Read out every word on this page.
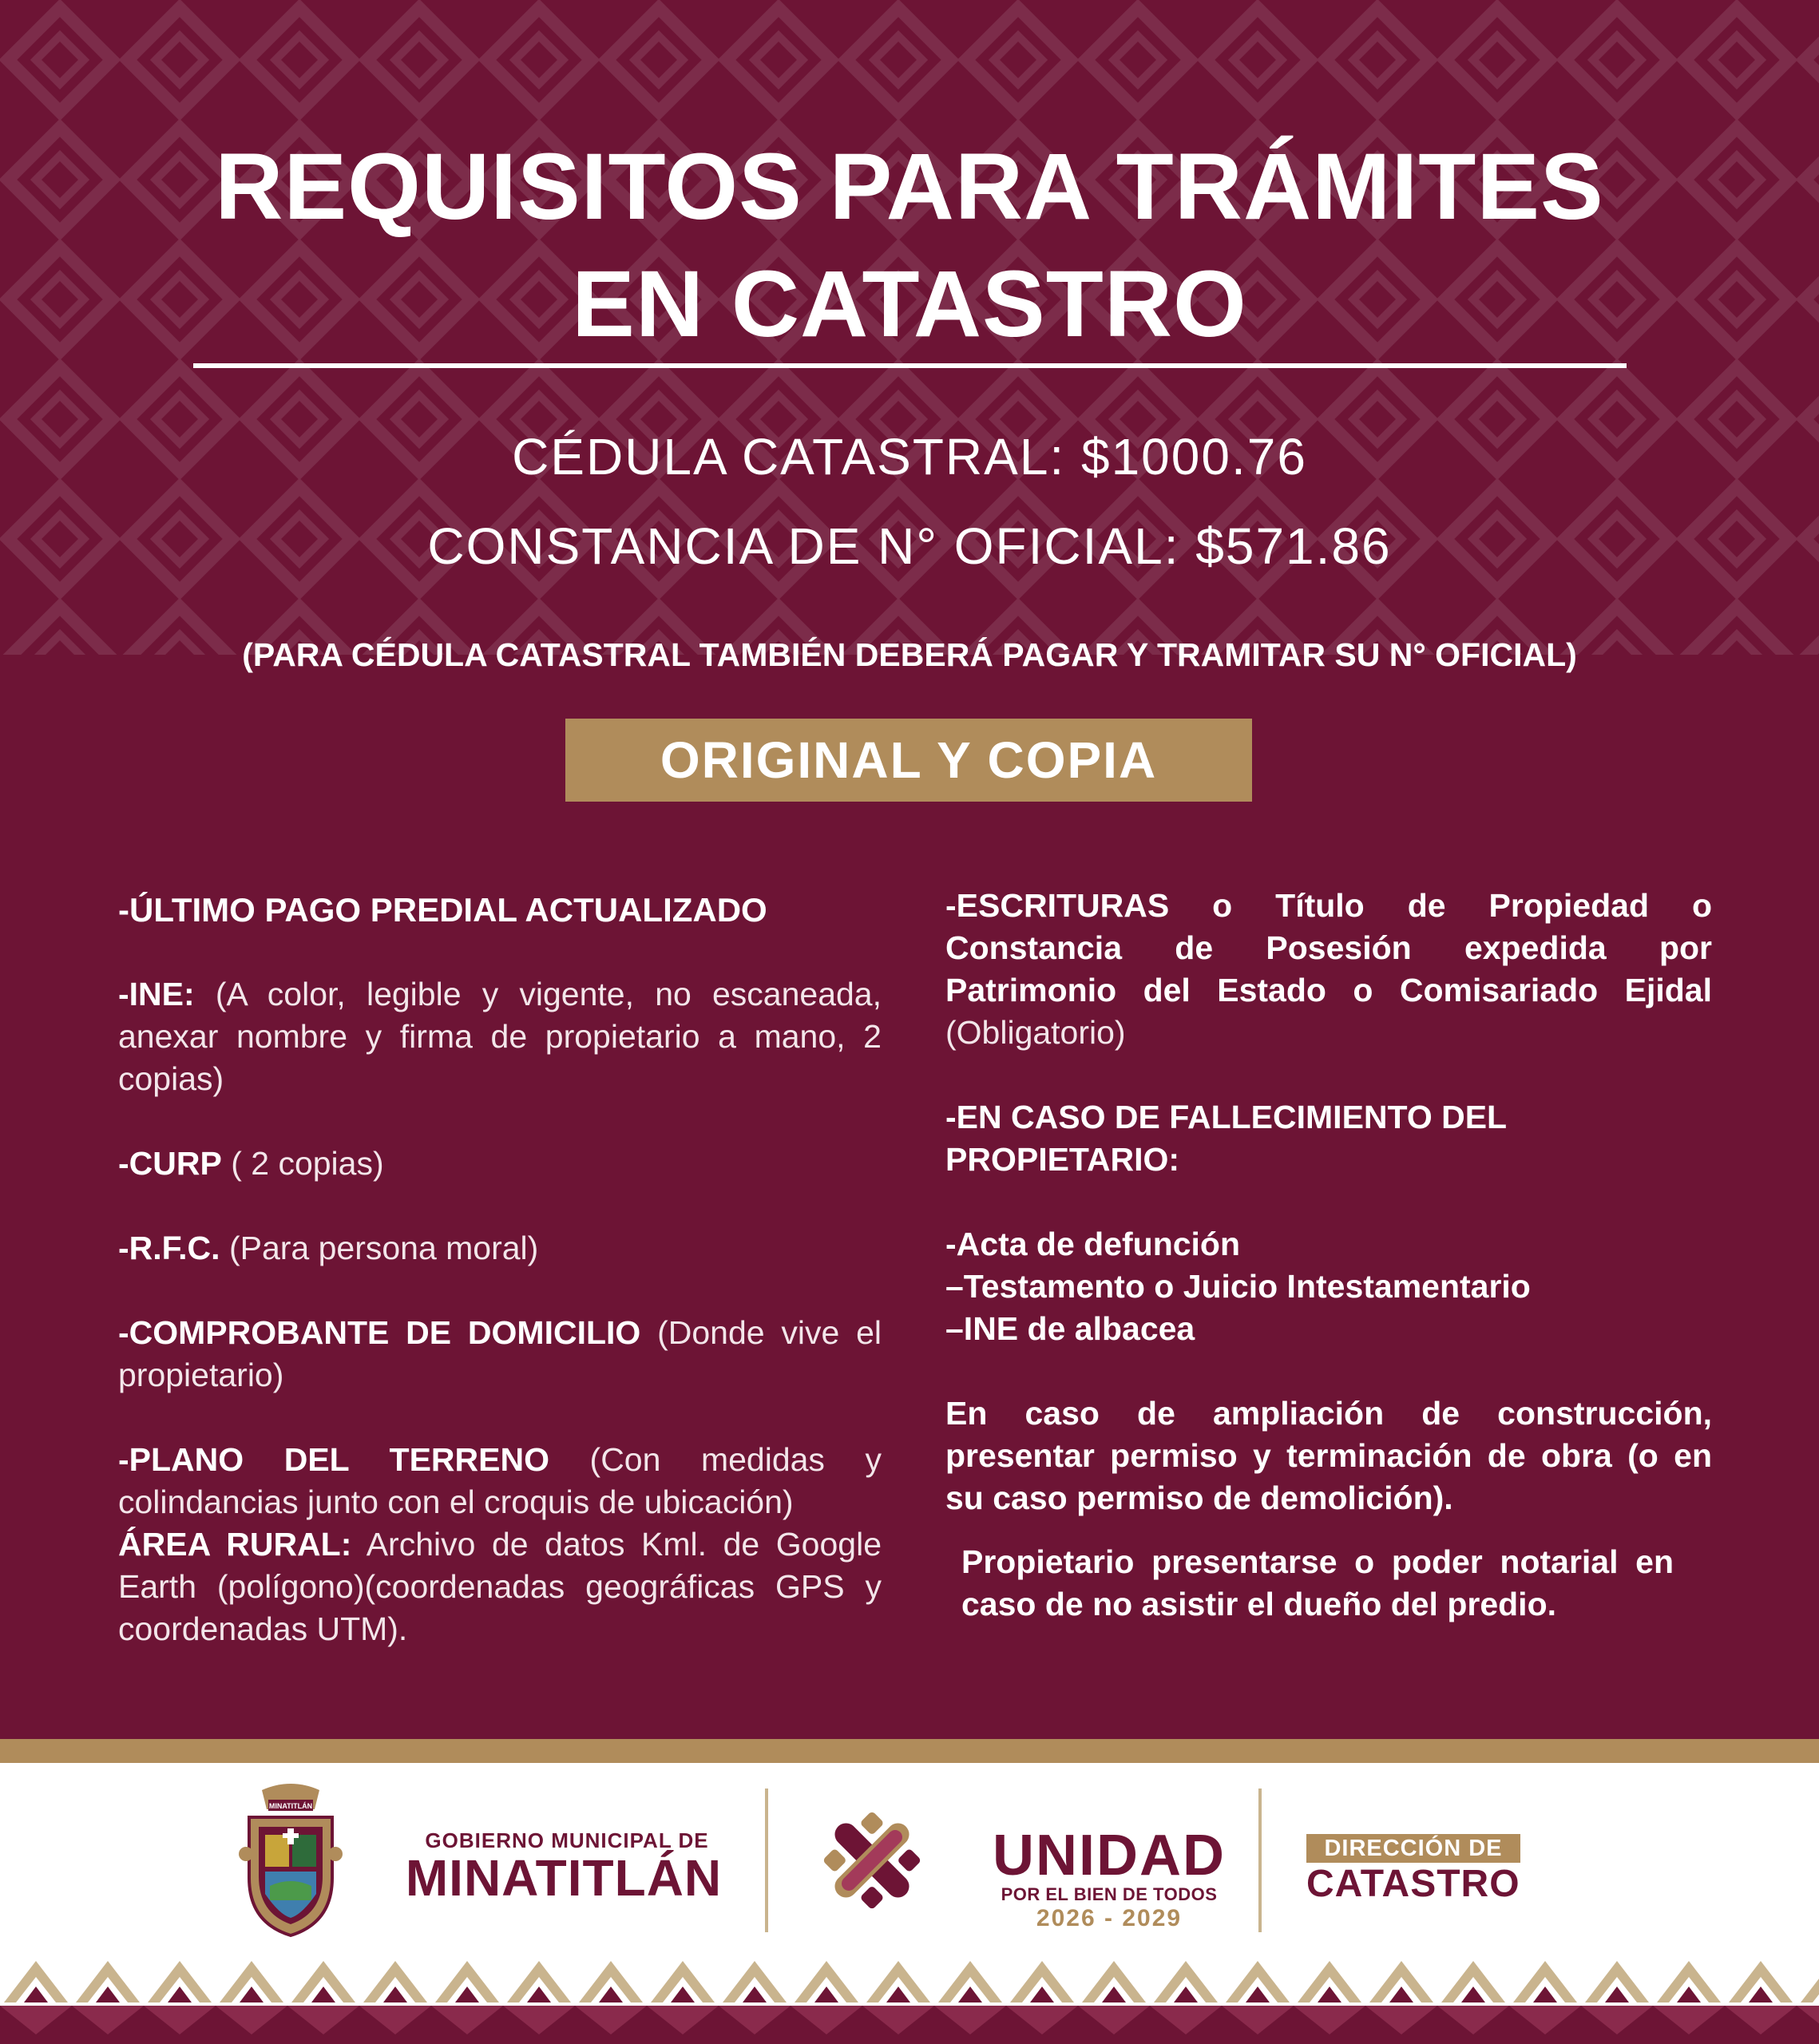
REQUISITOS PARA TRÁMITES
EN CATASTRO
CÉDULA CATASTRAL: $1000.76
CONSTANCIA DE N° OFICIAL: $571.86
(PARA CÉDULA CATASTRAL TAMBIÉN DEBERÁ PAGAR Y TRAMITAR SU N° OFICIAL)
ORIGINAL Y COPIA

-ÚLTIMO PAGO PREDIAL ACTUALIZADO

-INE: (A color, legible y vigente, no escaneada, anexar nombre y firma de propietario a mano, 2 copias)

-CURP ( 2 copias)

-R.F.C. (Para persona moral)

-COMPROBANTE DE DOMICILIO (Donde vive el propietario)

-PLANO DEL TERRENO (Con medidas y colindancias junto con el croquis de ubicación)

ÁREA RURAL: Archivo de datos Kml. de Google Earth (polígono)(coordenadas geográficas GPS y coordenadas UTM).

-ESCRITURAS o Título de Propiedad o Constancia de Posesión expedida por Patrimonio del Estado o Comisariado Ejidal (Obligatorio)

-EN CASO DE FALLECIMIENTO DEL PROPIETARIO:

-Acta de defunción

–Testamento o Juicio Intestamentario

–INE de albacea

En caso de ampliación de construcción, presentar permiso y terminación de obra (o en su caso permiso de demolición).

Propietario presentarse o poder notarial en caso de no asistir el dueño del predio.
MINATITLÁN
GOBIERNO MUNICIPAL DE
MINATITLÁN	UNIDAD
POR EL BIEN DE TODOS
2026 - 2029
DIRECCIÓN DE
CATASTRO
